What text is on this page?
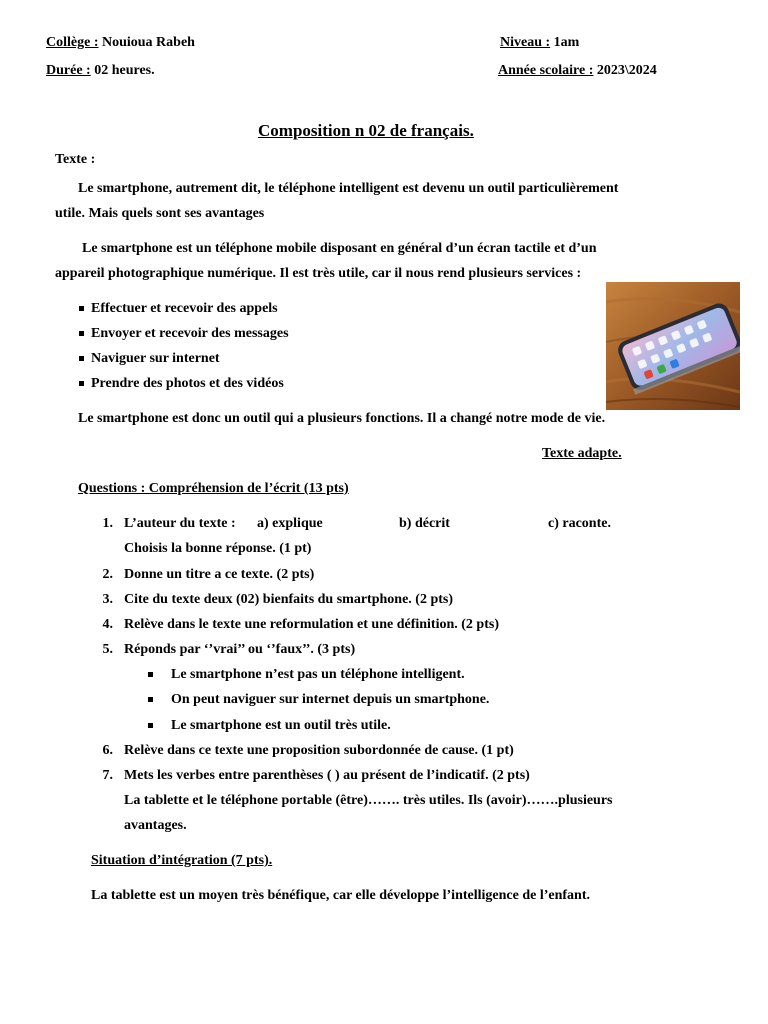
Collège : Nouioua Rabeh	Niveau : 1am
Durée : 02 heures.	Année scolaire : 2023\2024
Composition n 02 de français.
Texte :
Le smartphone, autrement dit, le téléphone intelligent est devenu un outil particulièrement
utile. Mais quels sont ses avantages
Le smartphone est un téléphone mobile disposant en général d’un écran tactile et d’un
appareil photographique numérique. Il est très utile, car il nous rend plusieurs services :
Effectuer et recevoir des appels
Envoyer et recevoir des messages
Naviguer sur internet
Prendre des photos et des vidéos
Le smartphone est donc un outil qui a plusieurs fonctions. Il a changé notre mode de vie.
Texte adapte.
Questions : Compréhension de l’écrit (13 pts)
1. L’auteur du texte : a) explique	b) décrit	c) raconte.
Choisis la bonne réponse. (1 pt)
2. Donne un titre a ce texte. (2 pts)
3. Cite du texte deux (02) bienfaits du smartphone. (2 pts)
4. Relève dans le texte une reformulation et une définition. (2 pts)
5. Réponds par ‘’vrai’’ ou ‘’faux’’. (3 pts)
Le smartphone n’est pas un téléphone intelligent.
On peut naviguer sur internet depuis un smartphone.
Le smartphone est un outil très utile.
6. Relève dans ce texte une proposition subordonnée de cause. (1 pt)
7. Mets les verbes entre parenthèses ( ) au présent de l’indicatif. (2 pts)
La tablette et le téléphone portable (être)……. très utiles. Ils (avoir)…….plusieurs
avantages.
Situation d’intégration (7 pts).
La tablette est un moyen très bénéfique, car elle développe l’intelligence de l’enfant.
